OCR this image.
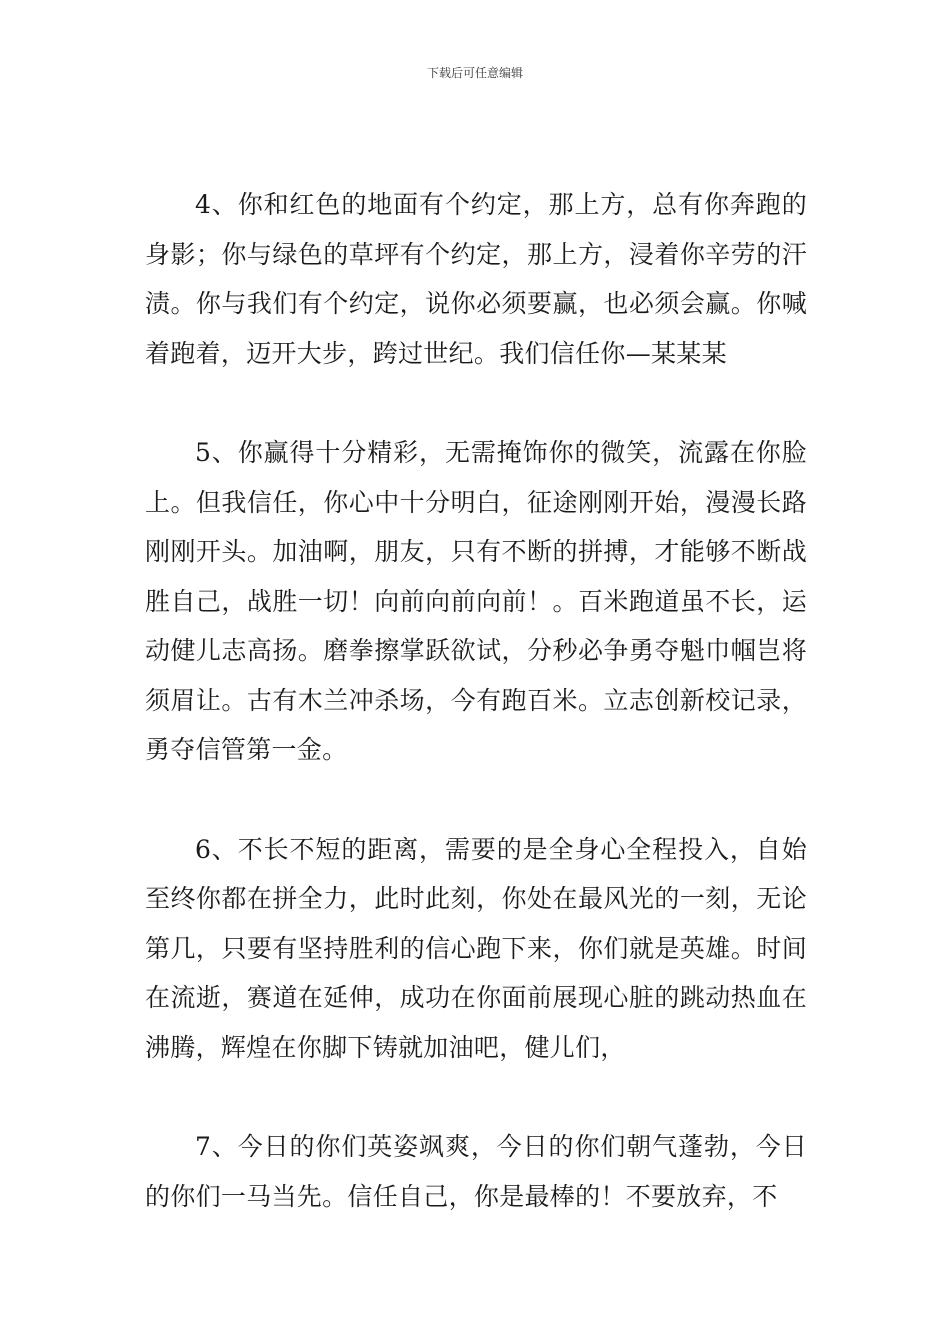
下载后可任意编辑

4、你和红色的地面有个约定，那上方，总有你奔跑的身影；你与绿色的草坪有个约定，那上方，浸着你辛劳的汗渍。你与我们有个约定，说你必须要赢，也必须会赢。你喊着跑着，迈开大步，跨过世纪。我们信任你—某某某

5、你赢得十分精彩，无需掩饰你的微笑，流露在你脸上。但我信任，你心中十分明白，征途刚刚开始，漫漫长路刚刚开头。加油啊，朋友，只有不断的拼搏，才能够不断战胜自己，战胜一切！向前向前向前！。百米跑道虽不长，运动健儿志高扬。磨拳擦掌跃欲试，分秒必争勇夺魁巾帼岂将须眉让。古有木兰冲杀场，今有跑百米。立志创新校记录，勇夺信管第一金。

6、不长不短的距离，需要的是全身心全程投入，自始至终你都在拼全力，此时此刻，你处在最风光的一刻，无论第几，只要有坚持胜利的信心跑下来，你们就是英雄。时间在流逝，赛道在延伸，成功在你面前展现心脏的跳动热血在沸腾，辉煌在你脚下铸就加油吧，健儿们，

7、今日的你们英姿飒爽，今日的你们朝气蓬勃，今日的你们一马当先。信任自己，你是最棒的！不要放弃，不
